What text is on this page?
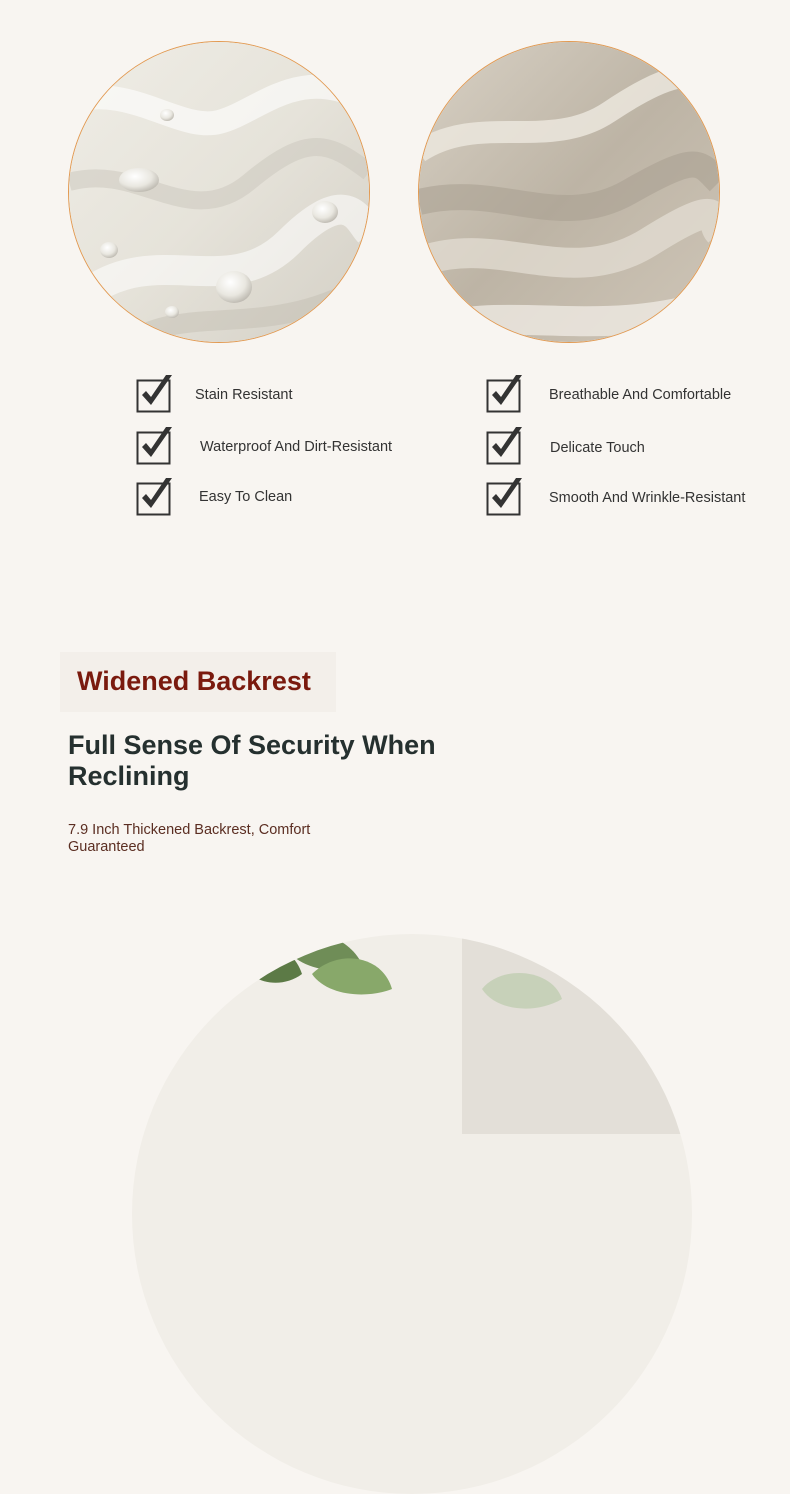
Stain Resistant
Waterproof And Dirt-Resistant
Easy To Clean
Breathable And Comfortable
Delicate Touch
Smooth And Wrinkle-Resistant
Widened Backrest
Full Sense Of Security When Reclining
7.9 Inch Thickened Backrest, Comfort Guaranteed
